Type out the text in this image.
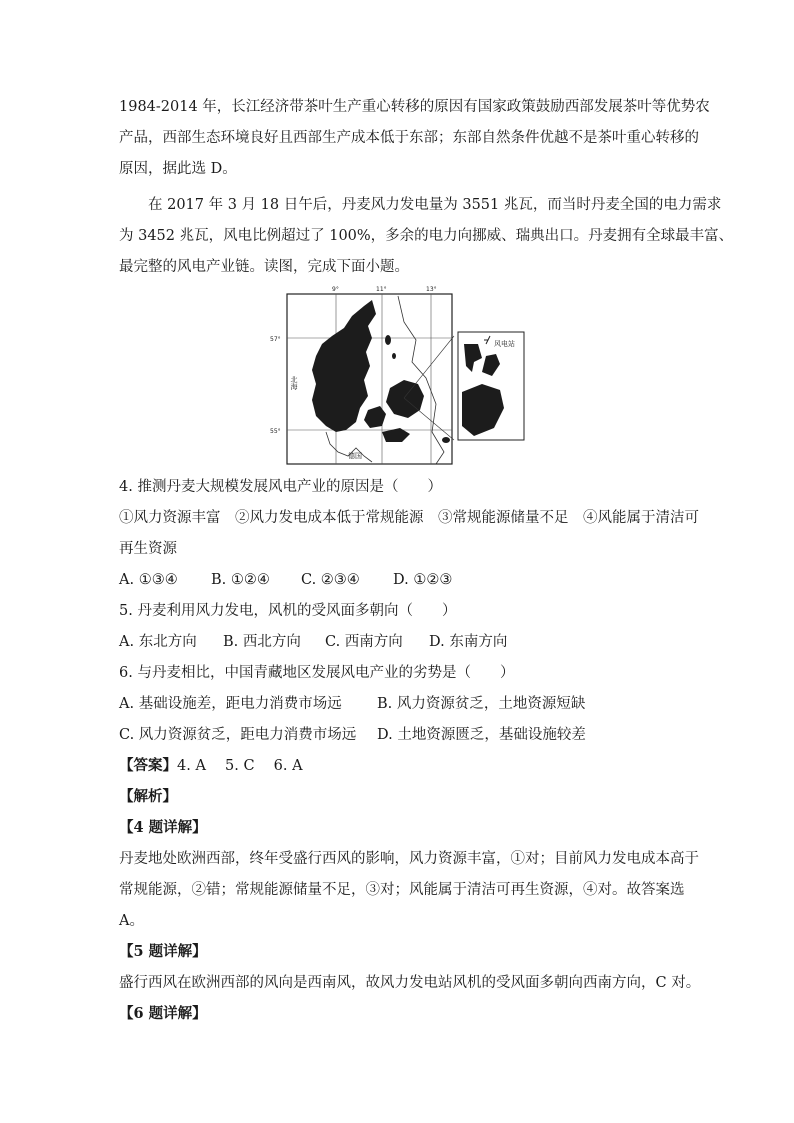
1984-2014 年，长江经济带茶叶生产重心转移的原因有国家政策鼓励西部发展茶叶等优势农
产品，西部生态环境良好且西部生产成本低于东部；东部自然条件优越不是茶叶重心转移的
原因，据此选 D。
在 2017 年 3 月 18 日午后，丹麦风力发电量为 3551 兆瓦，而当时丹麦全国的电力需求
为 3452 兆瓦，风电比例超过了 100%，多余的电力向挪威、瑞典出口。丹麦拥有全球最丰富、
最完整的风电产业链。读图，完成下面小题。
9°	11°	13°
57°
55°
北海
德国
风电站
4. 推测丹麦大规模发展风电产业的原因是（　　）
①风力资源丰富　②风力发电成本低于常规能源　③常规能源储量不足　④风能属于清洁可
再生资源
A. ①③④ B. ①②④ C. ②③④ D. ①②③
5. 丹麦利用风力发电，风机的受风面多朝向（　　）
A. 东北方向 B. 西北方向 C. 西南方向 D. 东南方向
6. 与丹麦相比，中国青藏地区发展风电产业的劣势是（　　）
A. 基础设施差，距电力消费市场远 B. 风力资源贫乏，土地资源短缺
C. 风力资源贫乏，距电力消费市场远 D. 土地资源匮乏，基础设施较差
【答案】4. A　 5. C　 6. A
【解析】
【4 题详解】
丹麦地处欧洲西部，终年受盛行西风的影响，风力资源丰富，①对；目前风力发电成本高于
常规能源，②错；常规能源储量不足，③对；风能属于清洁可再生资源，④对。故答案选
A。
【5 题详解】
盛行西风在欧洲西部的风向是西南风，故风力发电站风机的受风面多朝向西南方向，C 对。
【6 题详解】
